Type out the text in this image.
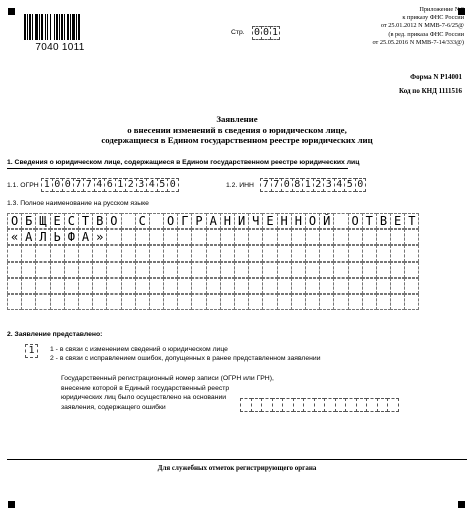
7040 1011
Стр. 0 0 1
Приложение N 6
к приказу ФНС России
от 25.01.2012 N ММВ-7-6/25@
(в ред. приказа ФНС России
от 25.05.2016 N ММВ-7-14/333@)
Форма N Р14001
Код по КНД 1111516
Заявление
о внесении изменений в сведения о юридическом лице,
содержащиеся в Едином государственном реестре юридических лиц
1. Сведения о юридическом лице, содержащиеся в Едином государственном реестре юридических лиц
1.1. ОГРН 1 0 0 7 7 4 6 1 2 3 4 5 0	1.2. ИНН 7 7 0 8 1 2 3 4 5 0
1.3. Полное наименование на русском языке
О Б Щ Е С Т В О	С	О Г Р А Н И Ч Е Н Н О Й	О Т В Е Т
« А Л Ь Ф А »
2. Заявление представлено:
1	1 - в связи с изменением сведений о юридическом лице
2 - в связи с исправлением ошибок, допущенных в ранее представленном заявлении
Государственный регистрационный номер записи (ОГРН или ГРН),
внесение которой в Единый государственный реестр
юридических лиц было осуществлено на основании
заявления, содержащего ошибки
Для служебных отметок регистрирующего органа
